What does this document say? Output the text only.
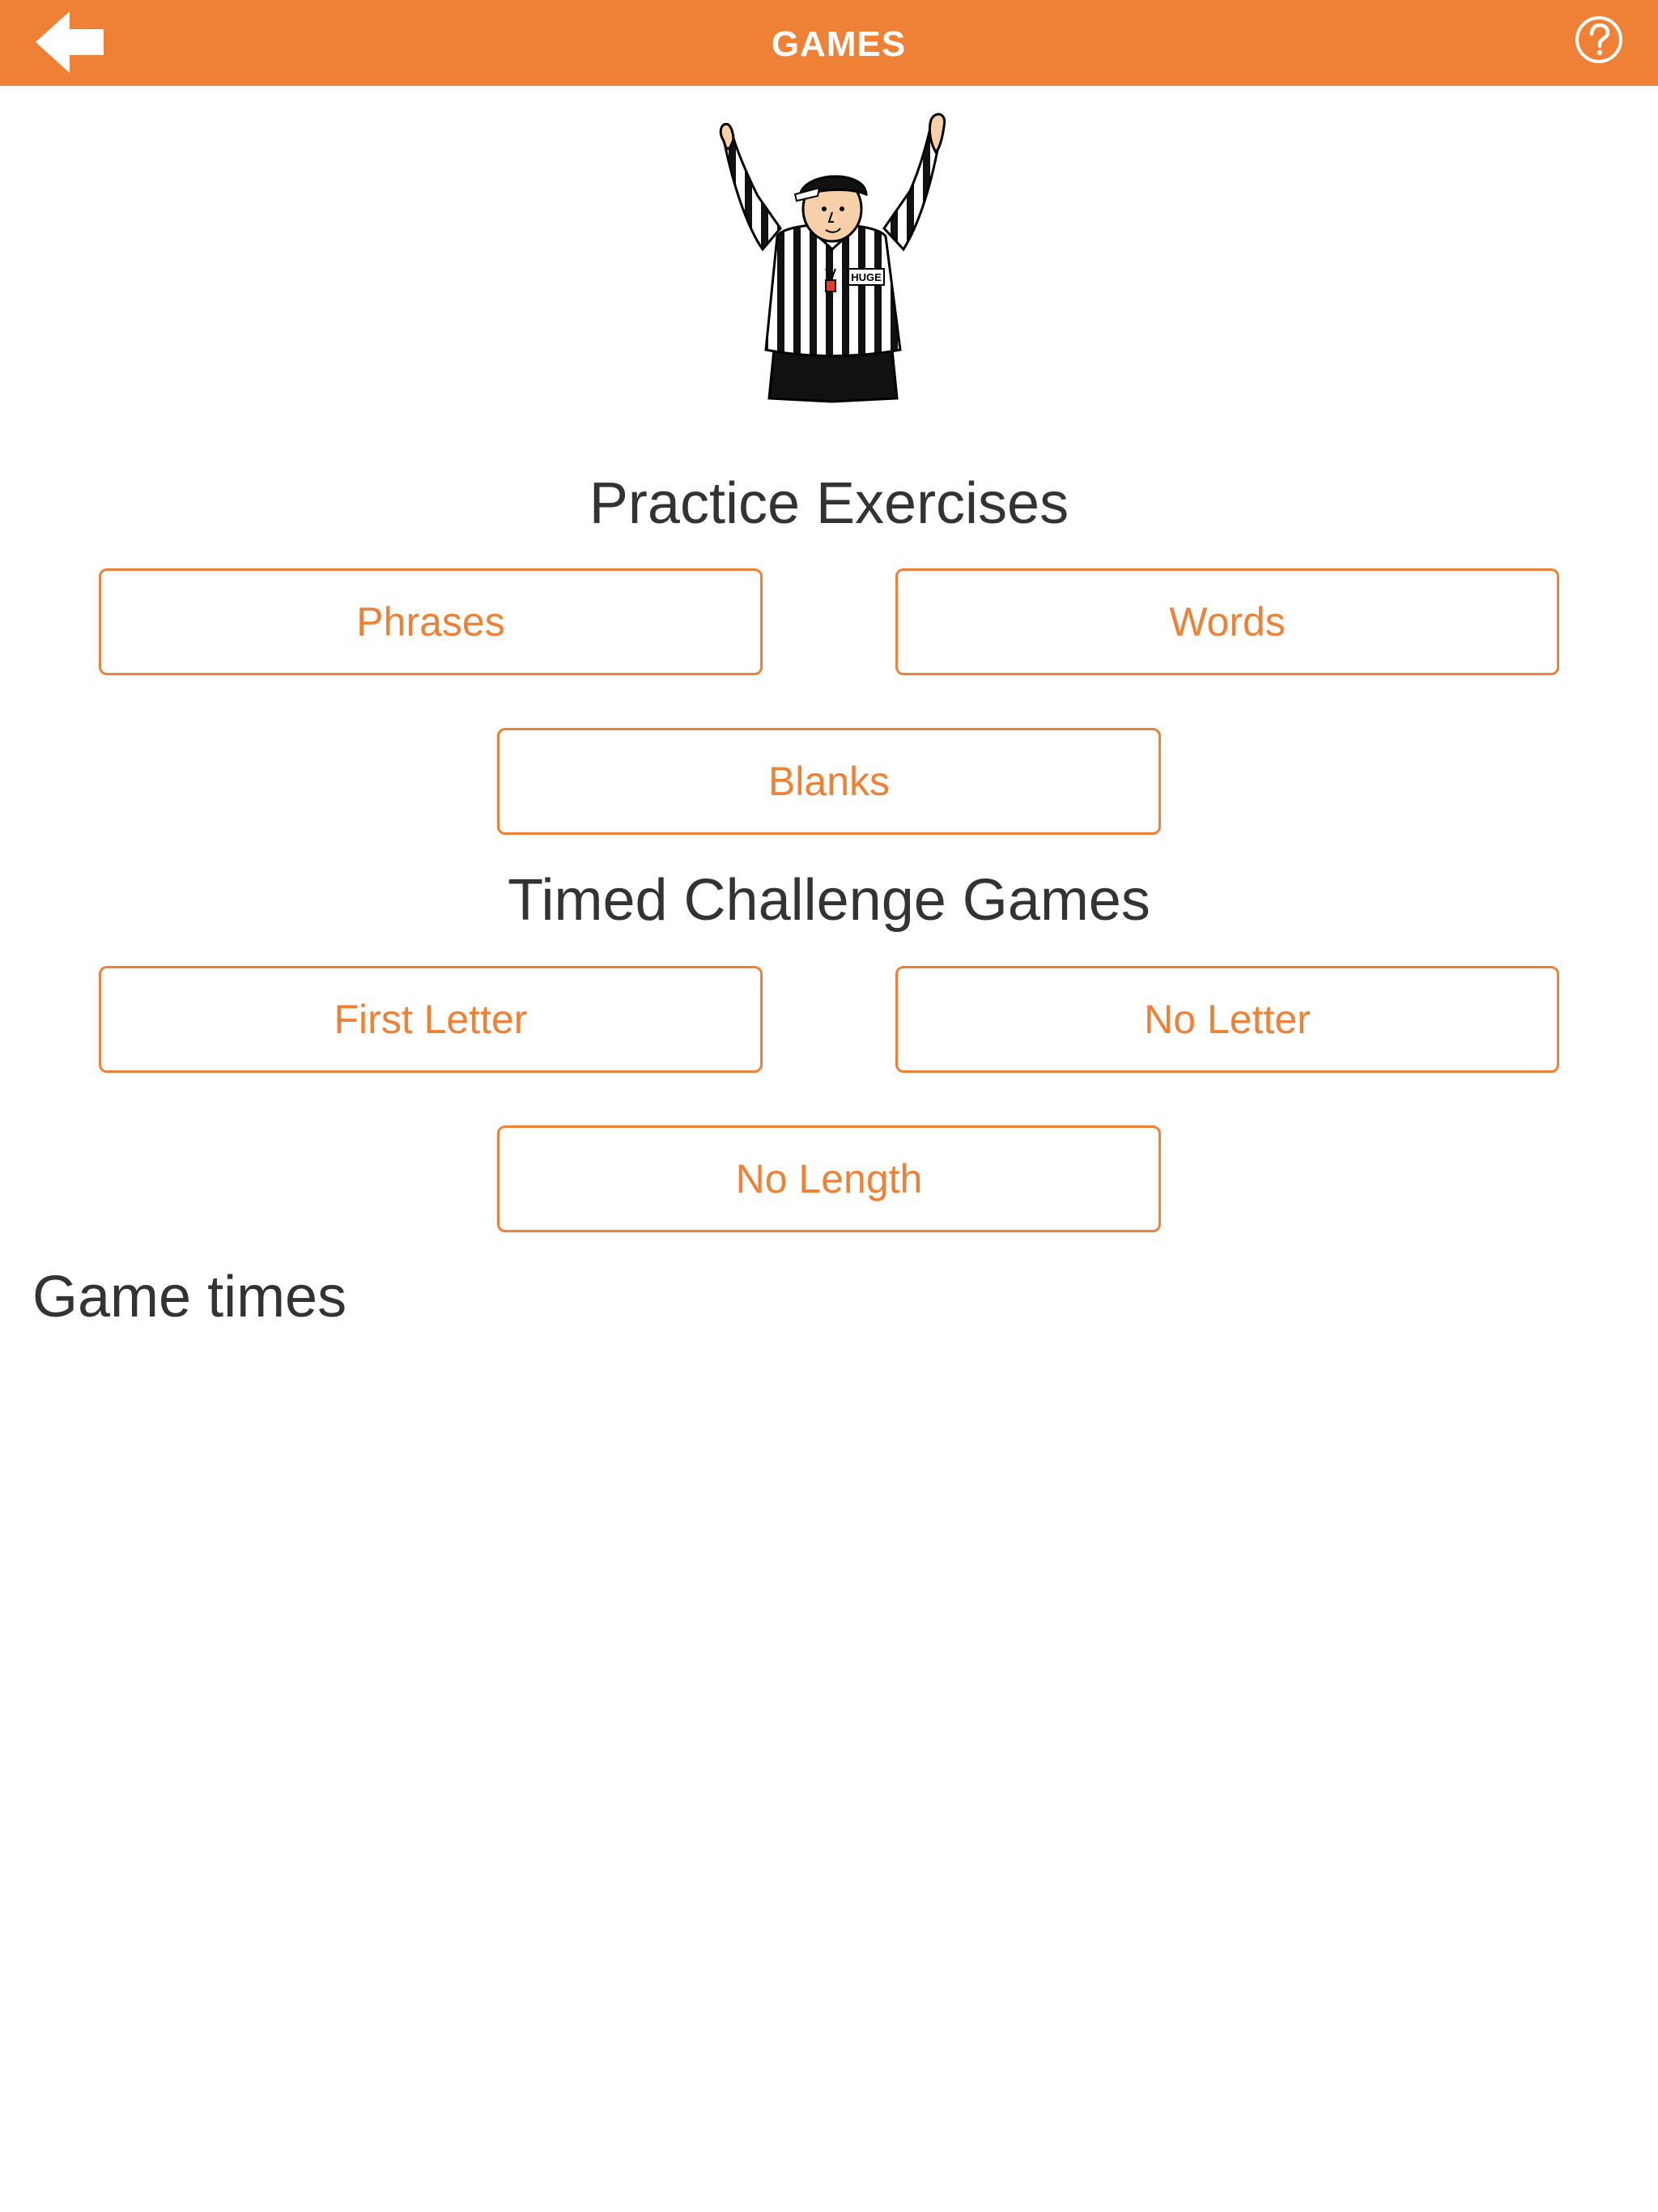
GAMES
HUGE
Practice Exercises
Phrases	Words
Blanks
Timed Challenge Games
First Letter	No Letter
No Length
Game times
